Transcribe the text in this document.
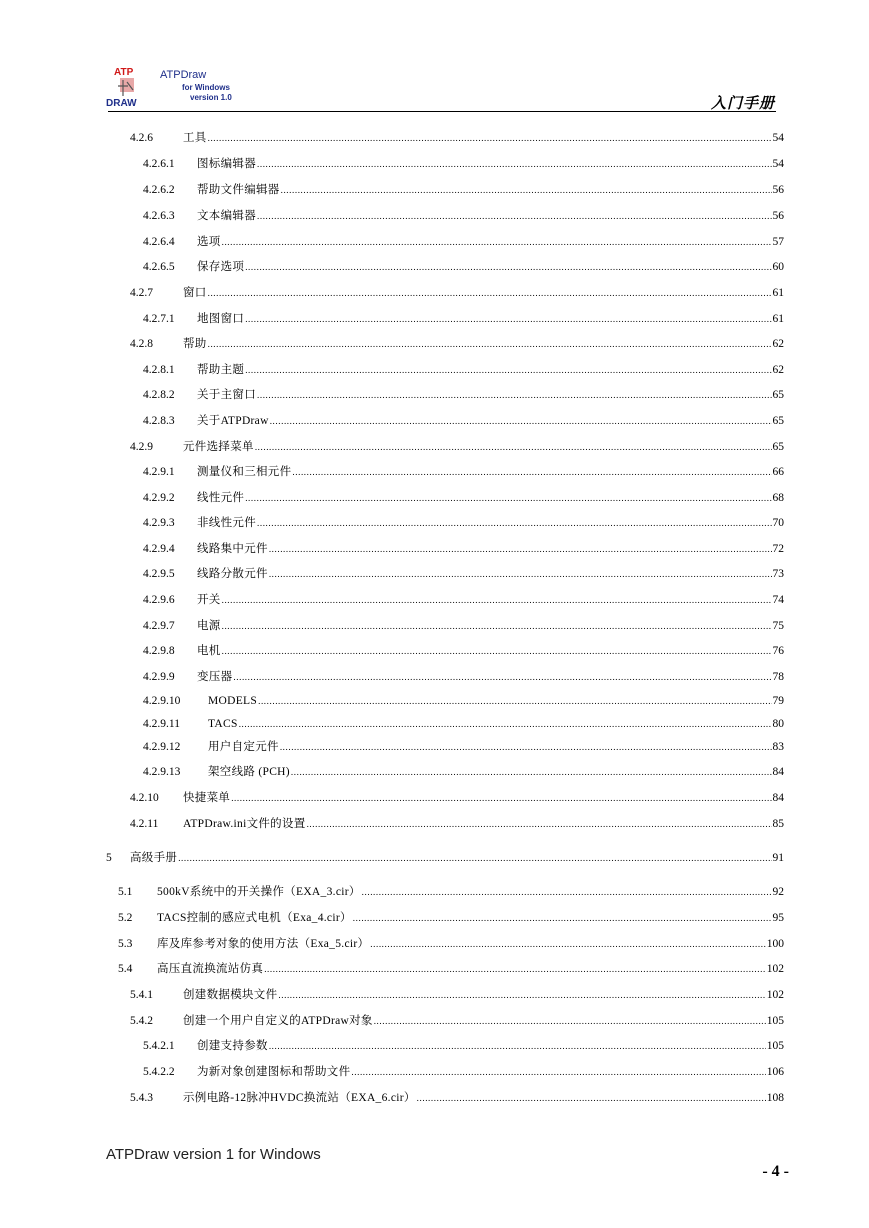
ATP
DRAW
ATPDraw
for Windows
version 1.0	入门手册
4.2.6	工具 .....	54
4.2.6.1	图标编辑器 .....	54
4.2.6.2	帮助文件编辑器 .....	56
4.2.6.3	文本编辑器 .....	56
4.2.6.4	选项 .....	57
4.2.6.5	保存选项 .....	60
4.2.7	窗口 .....	61
4.2.7.1	地图窗口 .....	61
4.2.8	帮助 .....	62
4.2.8.1	帮助主题 .....	62
4.2.8.2	关于主窗口 .....	65
4.2.8.3	关于ATPDraw .....	65
4.2.9	元件选择菜单 .....	65
4.2.9.1	测量仪和三相元件 .....	66
4.2.9.2	线性元件 .....	68
4.2.9.3	非线性元件 .....	70
4.2.9.4	线路集中元件 .....	72
4.2.9.5	线路分散元件 .....	73
4.2.9.6	开关 .....	74
4.2.9.7	电源 .....	75
4.2.9.8	电机 .....	76
4.2.9.9	变压器 .....	78
4.2.9.10	MODELS .....	79
4.2.9.11	TACS .....	80
4.2.9.12	用户自定元件 .....	83
4.2.9.13	架空线路 (PCH) .....	84
4.2.10	快捷菜单 .....	84
4.2.11	ATPDraw.ini文件的设置 .....	85
5	高级手册 .....	91
5.1	500kV系统中的开关操作（EXA_3.cir） .....	92
5.2	TACS控制的感应式电机（Exa_4.cir） .....	95
5.3	库及库参考对象的使用方法（Exa_5.cir） .....	100
5.4	高压直流换流站仿真 .....	102
5.4.1	创建数据模块文件 .....	102
5.4.2	创建一个用户自定义的ATPDraw对象 .....	105
5.4.2.1	创建支持参数 .....	105
5.4.2.2	为新对象创建图标和帮助文件 .....	106
5.4.3	示例电路-12脉冲HVDC换流站（EXA_6.cir） .....	108
ATPDraw version 1 for Windows
- 4 -
